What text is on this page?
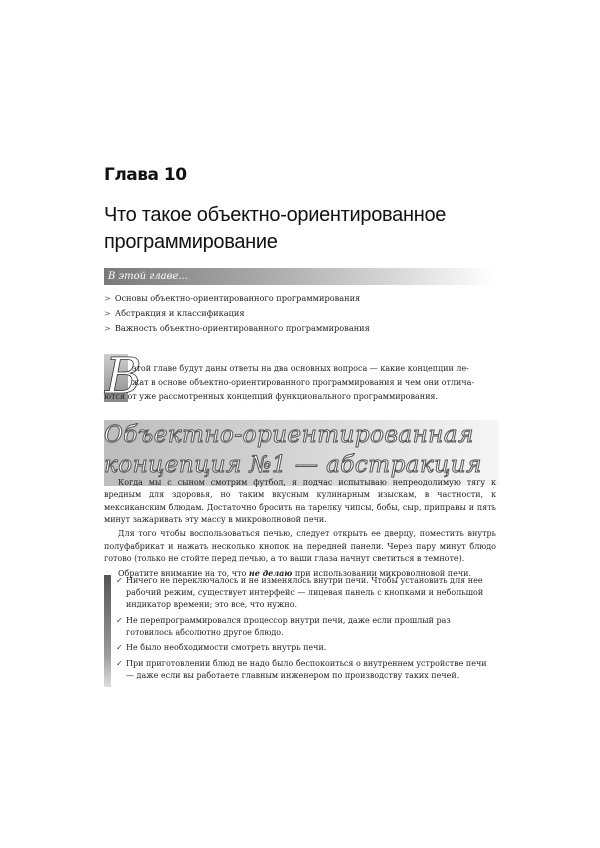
Глава 10
Что такое объектно-ориентированное программирование
В этой главе...
> Основы объектно-ориентированного программирования
> Абстракция и классификация
> Важность объектно-ориентированного программирования
В
этой главе будут даны ответы на два основных вопроса — какие концепции ле-
жат в основе объектно-ориентированного программирования и чем они отлича-
ются от уже рассмотренных концепций функционального программирования.
Объектно-ориентированная
концепция №1 — абстракция

Когда мы с сыном смотрим футбол, я подчас испытываю непреодолимую тягу к вредным для здоровья, но таким вкусным кулинарным изыскам, в частности, к мексиканским блюдам. Достаточно бросить на тарелку чипсы, бобы, сыр, приправы и пять минут зажаривать эту массу в микроволновой печи.

Для того чтобы воспользоваться печью, следует открыть ее дверцу, поместить внутрь полуфабрикат и нажать несколько кнопок на передней панели. Через пару минут блюдо готово (только не стойте перед печью, а то ваши глаза начнут светиться в темноте).

Обратите внимание на то, что не делаю при использовании микроволновой печи.

✓ Ничего не переключалось и не изменялось внутри печи. Чтобы установить для нее рабочий режим, существует интерфейс — лицевая панель с кнопками и небольшой индикатор времени; это все, что нужно.
✓ Не перепрограммировался процессор внутри печи, даже если прошлый раз готовилось абсолютно другое блюдо.
✓ Не было необходимости смотреть внутрь печи.
✓ При приготовлении блюд не надо было беспокоиться о внутреннем устройстве печи — даже если вы работаете главным инженером по производству таких печей.
